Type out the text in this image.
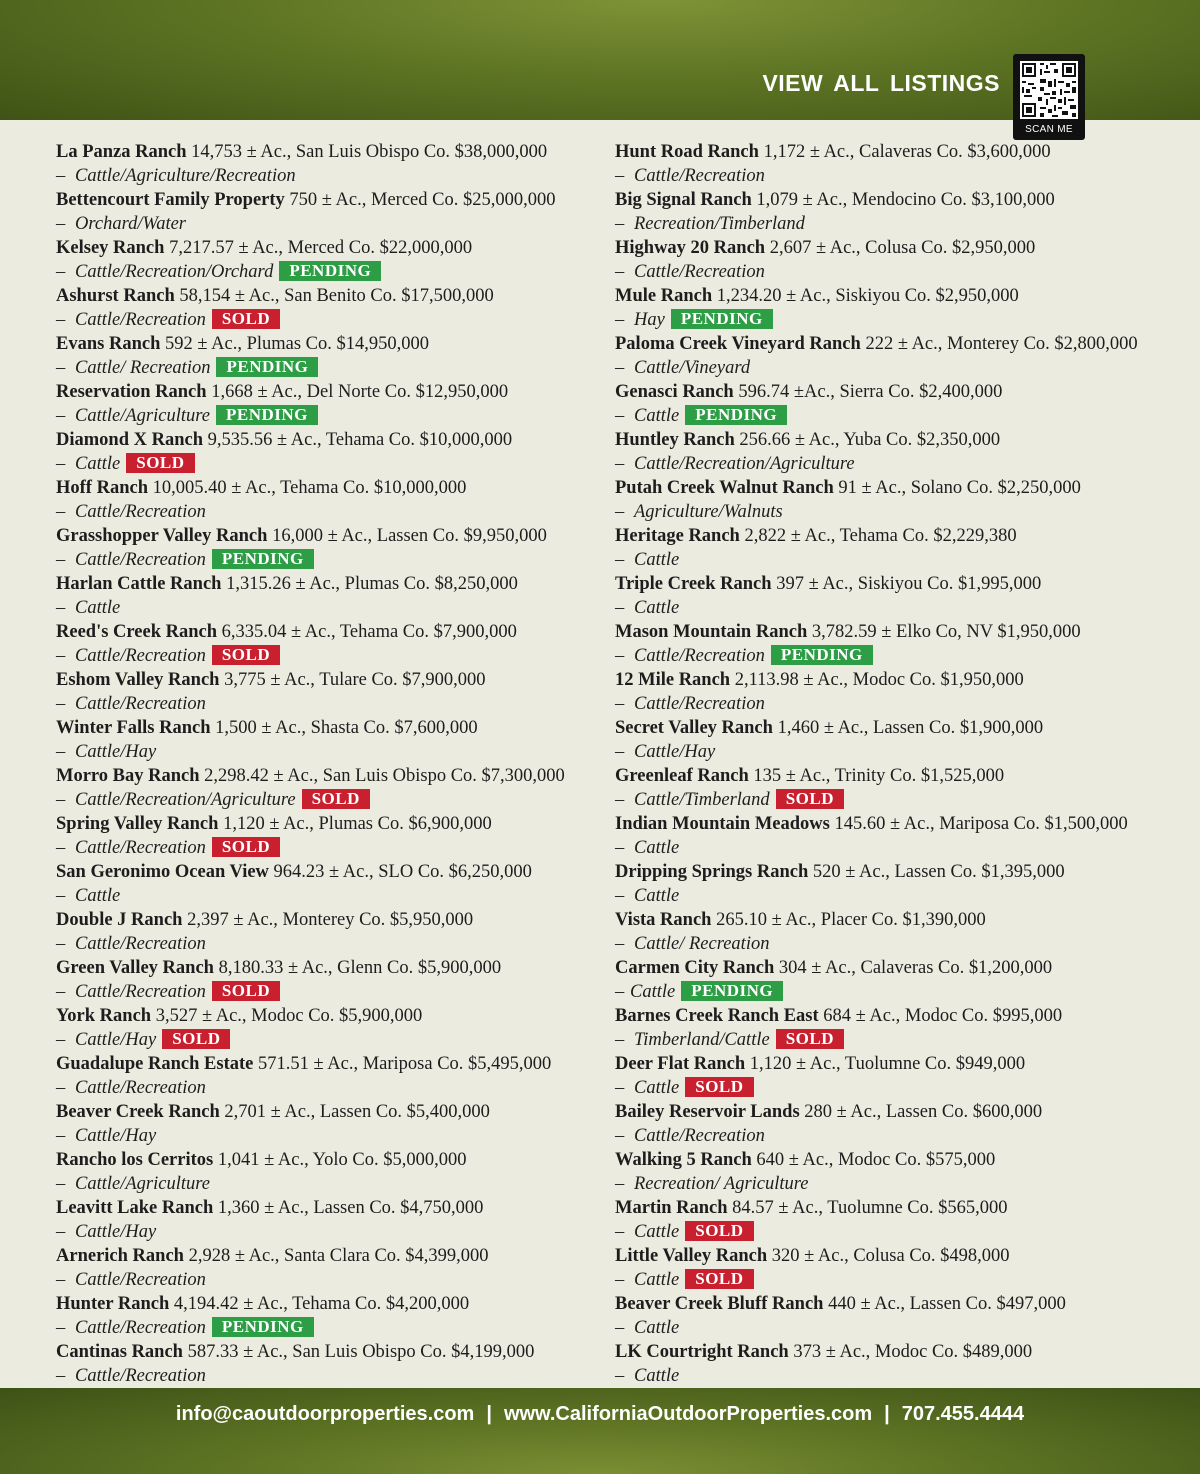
VIEW ALL LISTINGS
SCAN ME
La Panza Ranch 14,753 ± Ac., San Luis Obispo Co. $38,000,000
– Cattle/Agriculture/Recreation
Bettencourt Family Property 750 ± Ac., Merced Co. $25,000,000
– Orchard/Water
Kelsey Ranch 7,217.57 ± Ac., Merced Co. $22,000,000
– Cattle/Recreation/Orchard PENDING
Ashurst Ranch 58,154 ± Ac., San Benito Co. $17,500,000
– Cattle/Recreation SOLD
Evans Ranch 592 ± Ac., Plumas Co. $14,950,000
– Cattle/ Recreation PENDING
Reservation Ranch 1,668 ± Ac., Del Norte Co. $12,950,000
– Cattle/Agriculture PENDING
Diamond X Ranch 9,535.56 ± Ac., Tehama Co. $10,000,000
– Cattle SOLD
Hoff Ranch 10,005.40 ± Ac., Tehama Co. $10,000,000
– Cattle/Recreation
Grasshopper Valley Ranch 16,000 ± Ac., Lassen Co. $9,950,000
– Cattle/Recreation PENDING
Harlan Cattle Ranch 1,315.26 ± Ac., Plumas Co. $8,250,000
– Cattle
Reed's Creek Ranch 6,335.04 ± Ac., Tehama Co. $7,900,000
– Cattle/Recreation SOLD
Eshom Valley Ranch 3,775 ± Ac., Tulare Co. $7,900,000
– Cattle/Recreation
Winter Falls Ranch 1,500 ± Ac., Shasta Co. $7,600,000
– Cattle/Hay
Morro Bay Ranch 2,298.42 ± Ac., San Luis Obispo Co. $7,300,000
– Cattle/Recreation/Agriculture SOLD
Spring Valley Ranch 1,120 ± Ac., Plumas Co. $6,900,000
– Cattle/Recreation SOLD
San Geronimo Ocean View 964.23 ± Ac., SLO Co. $6,250,000
– Cattle
Double J Ranch 2,397 ± Ac., Monterey Co. $5,950,000
– Cattle/Recreation
Green Valley Ranch 8,180.33 ± Ac., Glenn Co. $5,900,000
– Cattle/Recreation SOLD
York Ranch 3,527 ± Ac., Modoc Co. $5,900,000
– Cattle/Hay SOLD
Guadalupe Ranch Estate 571.51 ± Ac., Mariposa Co. $5,495,000
– Cattle/Recreation
Beaver Creek Ranch 2,701 ± Ac., Lassen Co. $5,400,000
– Cattle/Hay
Rancho los Cerritos 1,041 ± Ac., Yolo Co. $5,000,000
– Cattle/Agriculture
Leavitt Lake Ranch 1,360 ± Ac., Lassen Co. $4,750,000
– Cattle/Hay
Arnerich Ranch 2,928 ± Ac., Santa Clara Co. $4,399,000
– Cattle/Recreation
Hunter Ranch 4,194.42 ± Ac., Tehama Co. $4,200,000
– Cattle/Recreation PENDING
Cantinas Ranch 587.33 ± Ac., San Luis Obispo Co. $4,199,000
– Cattle/Recreation
Hunt Road Ranch 1,172 ± Ac., Calaveras Co. $3,600,000
– Cattle/Recreation
Big Signal Ranch 1,079 ± Ac., Mendocino Co. $3,100,000
– Recreation/Timberland
Highway 20 Ranch 2,607 ± Ac., Colusa Co. $2,950,000
– Cattle/Recreation
Mule Ranch 1,234.20 ± Ac., Siskiyou Co. $2,950,000
– Hay PENDING
Paloma Creek Vineyard Ranch 222 ± Ac., Monterey Co. $2,800,000
– Cattle/Vineyard
Genasci Ranch 596.74 ±Ac., Sierra Co. $2,400,000
– Cattle PENDING
Huntley Ranch 256.66 ± Ac., Yuba Co. $2,350,000
– Cattle/Recreation/Agriculture
Putah Creek Walnut Ranch 91 ± Ac., Solano Co. $2,250,000
– Agriculture/Walnuts
Heritage Ranch 2,822 ± Ac., Tehama Co. $2,229,380
– Cattle
Triple Creek Ranch 397 ± Ac., Siskiyou Co. $1,995,000
– Cattle
Mason Mountain Ranch 3,782.59 ± Elko Co, NV $1,950,000
– Cattle/Recreation PENDING
12 Mile Ranch 2,113.98 ± Ac., Modoc Co. $1,950,000
– Cattle/Recreation
Secret Valley Ranch 1,460 ± Ac., Lassen Co. $1,900,000
– Cattle/Hay
Greenleaf Ranch 135 ± Ac., Trinity Co. $1,525,000
– Cattle/Timberland SOLD
Indian Mountain Meadows 145.60 ± Ac., Mariposa Co. $1,500,000
– Cattle
Dripping Springs Ranch 520 ± Ac., Lassen Co. $1,395,000
– Cattle
Vista Ranch 265.10 ± Ac., Placer Co. $1,390,000
– Cattle/ Recreation
Carmen City Ranch 304 ± Ac., Calaveras Co. $1,200,000
– Cattle PENDING
Barnes Creek Ranch East 684 ± Ac., Modoc Co. $995,000
– Timberland/Cattle SOLD
Deer Flat Ranch 1,120 ± Ac., Tuolumne Co. $949,000
– Cattle SOLD
Bailey Reservoir Lands 280 ± Ac., Lassen Co. $600,000
– Cattle/Recreation
Walking 5 Ranch 640 ± Ac., Modoc Co. $575,000
– Recreation/ Agriculture
Martin Ranch 84.57 ± Ac., Tuolumne Co. $565,000
– Cattle SOLD
Little Valley Ranch 320 ± Ac., Colusa Co. $498,000
– Cattle SOLD
Beaver Creek Bluff Ranch 440 ± Ac., Lassen Co. $497,000
– Cattle
LK Courtright Ranch 373 ± Ac., Modoc Co. $489,000
– Cattle
info@caoutdoorproperties.com | www.CaliforniaOutdoorProperties.com | 707.455.4444
